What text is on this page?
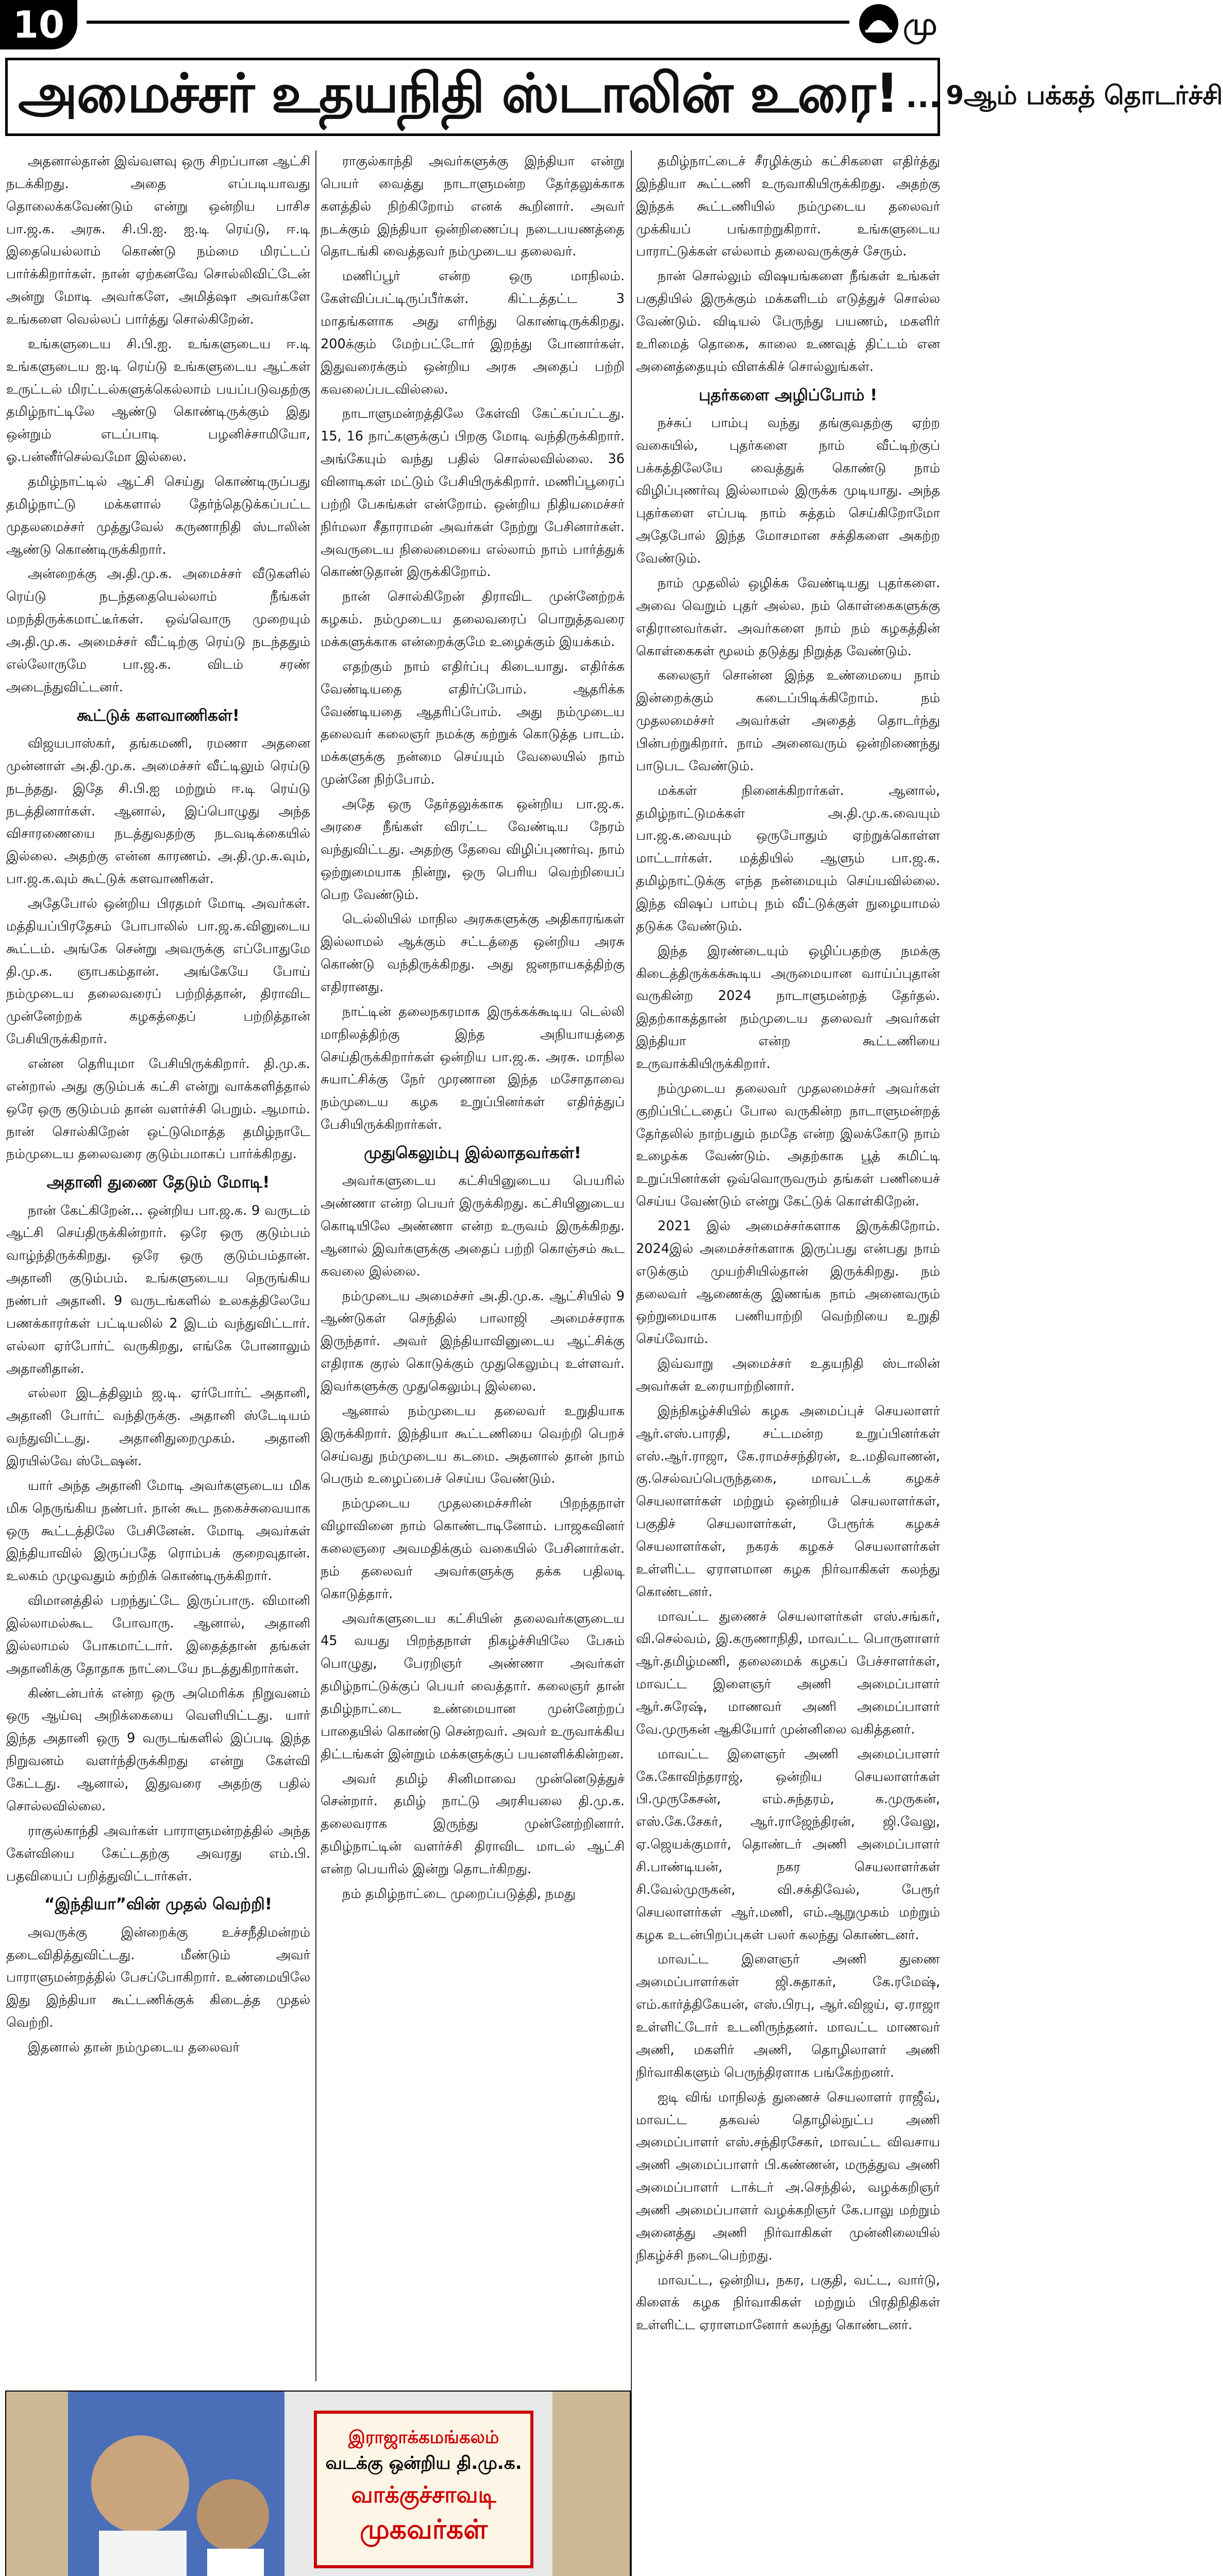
10	மு
அமைச்சர் உதயநிதி ஸ்டாலின் உரை! ... 9ஆம் பக்கத் தொடர்ச்சி

அதனால்தான் இவ்வளவு ஒரு சிறப்பான ஆட்சி நடக்கிறது. அதை எப்படியாவது தொலைக்கவேண்டும் என்று ஒன்றிய பாசிச பா.ஜ.க. அரசு. சி.பி.ஐ. ஐ.டி ரெய்டு, ஈ.டி இதையெல்லாம் கொண்டு நம்மை மிரட்டப் பார்க்கிறார்கள். நான் ஏற்கனவே சொல்லிவிட்டேன் அன்று மோடி அவர்களே, அமித்ஷா அவர்களே உங்களை வெல்லப் பார்த்து சொல்கிறேன்.

உங்களுடைய சி.பி.ஐ. உங்களுடைய ஈ.டி உங்களுடைய ஐ.டி ரெய்டு உங்களுடைய ஆட்கள் உருட்டல் மிரட்டல்களுக்கெல்லாம் பயப்படுவதற்கு தமிழ்நாட்டிலே ஆண்டு கொண்டிருக்கும் இது ஒன்றும் எடப்பாடி பழனிச்சாமியோ, ஓ.பன்னீர்செல்வமோ இல்லை.

தமிழ்நாட்டில் ஆட்சி செய்து கொண்டிருப்பது தமிழ்நாட்டு மக்களால் தேர்ந்தெடுக்கப்பட்ட முதலமைச்சர் முத்துவேல் கருணாநிதி ஸ்டாலின் ஆண்டு கொண்டிருக்கிறார்.

அன்றைக்கு அ.தி.மு.க. அமைச்சர் வீடுகளில் ரெய்டு நடந்ததையெல்லாம் நீங்கள் மறந்திருக்கமாட்டீர்கள். ஒவ்வொரு முறையும் அ.தி.மு.க. அமைச்சர் வீட்டிற்கு ரெய்டு நடந்ததும் எல்லோருமே பா.ஜ.க. விடம் சரண் அடைந்துவிட்டனர்.

கூட்டுக் களவாணிகள்!

விஜயபாஸ்கர், தங்கமணி, ரமணா அதனை முன்னாள் அ.தி.மு.க. அமைச்சர் வீட்டிலும் ரெய்டு நடந்தது. இதே சி.பி.ஐ மற்றும் ஈ.டி ரெய்டு நடத்தினார்கள். ஆனால், இப்பொழுது அந்த விசாரணையை நடத்துவதற்கு நடவடிக்கையில் இல்லை. அதற்கு என்ன காரணம். அ.தி.மு.க.வும், பா.ஜ.க.வும் கூட்டுக் களவாணிகள்.

அதேபோல் ஒன்றிய பிரதமர் மோடி அவர்கள். மத்தியப்பிரதேசம் போபாலில் பா.ஜ.க.வினுடைய கூட்டம். அங்கே சென்று அவருக்கு எப்போதுமே தி.மு.க. ஞாபகம்தான். அங்கேயே போய் நம்முடைய தலைவரைப் பற்றித்தான், திராவிட முன்னேற்றக் கழகத்தைப் பற்றித்தான் பேசியிருக்கிறார்.

என்ன தெரியுமா பேசியிருக்கிறார். தி.மு.க. என்றால் அது குடும்பக் கட்சி என்று வாக்களித்தால் ஒரே ஒரு குடும்பம் தான் வளர்ச்சி பெறும். ஆமாம். நான் சொல்கிறேன் ஒட்டுமொத்த தமிழ்நாடே நம்முடைய தலைவரை குடும்பமாகப் பார்க்கிறது.

அதானி துணை தேடும் மோடி!

நான் கேட்கிறேன்... ஒன்றிய பா.ஜ.க. 9 வருடம் ஆட்சி செய்திருக்கின்றார். ஒரே ஒரு குடும்பம் வாழ்ந்திருக்கிறது. ஒரே ஒரு குடும்பம்தான். அதானி குடும்பம். உங்களுடைய நெருங்கிய நண்பர் அதானி. 9 வருடங்களில் உலகத்திலேயே பணக்காரர்கள் பட்டியலில் 2 இடம் வந்துவிட்டார். எல்லா ஏர்போர்ட் வருகிறது, எங்கே போனாலும் அதானிதான்.

எல்லா இடத்திலும் ஜ.டி. ஏர்போர்ட் அதானி, அதானி போர்ட் வந்திருக்கு. அதானி ஸ்டேடியம் வந்துவிட்டது. அதானிதுறைமுகம். அதானி இரயில்வே ஸ்டேஷன்.

யார் அந்த அதானி மோடி அவர்களுடைய மிக மிக நெருங்கிய நண்பர். நான் கூட நகைச்சுவையாக ஒரு கூட்டத்திலே பேசினேன். மோடி அவர்கள் இந்தியாவில் இருப்பதே ரொம்பக் குறைவுதான். உலகம் முழுவதும் சுற்றிக் கொண்டிருக்கிறார்.

விமானத்தில் பறந்துட்டே இருப்பாரு. விமானி இல்லாமல்கூட போவாரு. ஆனால், அதானி இல்லாமல் போகமாட்டார். இதைத்தான் தங்கள் அதானிக்கு தோதாக நாட்டையே நடத்துகிறார்கள்.

கிண்டன்பர்க் என்ற ஒரு அமெரிக்க நிறுவனம் ஒரு ஆய்வு அறிக்கையை வெளியிட்டது. யார் இந்த அதானி ஒரு 9 வருடங்களில் இப்படி இந்த நிறுவனம் வளர்ந்திருக்கிறது என்று கேள்வி கேட்டது. ஆனால், இதுவரை அதற்கு பதில் சொல்லவில்லை.

ராகுல்காந்தி அவர்கள் பாராளுமன்றத்தில் அந்த கேள்வியை கேட்டதற்கு அவரது எம்.பி. பதவியைப் பறித்துவிட்டார்கள்.

“இந்தியா”வின் முதல் வெற்றி!

அவருக்கு இன்றைக்கு உச்சநீதிமன்றம் தடைவிதித்துவிட்டது. மீண்டும் அவர் பாராளுமன்றத்தில் பேசப்போகிறார். உண்மையிலே இது இந்தியா கூட்டணிக்குக் கிடைத்த முதல் வெற்றி.

இதனால் தான் நம்முடைய தலைவர்

ராகுல்காந்தி அவர்களுக்கு இந்தியா என்று பெயர் வைத்து நாடாளுமன்ற தேர்தலுக்காக களத்தில் நிற்கிறோம் எனக் கூறினார். அவர் நடக்கும் இந்தியா ஒன்றிணைப்பு நடைபயணத்தை தொடங்கி வைத்தவர் நம்முடைய தலைவர்.

மணிப்பூர் என்ற ஒரு மாநிலம். கேள்விப்பட்டிருப்பீர்கள். கிட்டத்தட்ட 3 மாதங்களாக அது எரிந்து கொண்டிருக்கிறது. 200க்கும் மேற்பட்டோர் இறந்து போனார்கள். இதுவரைக்கும் ஒன்றிய அரசு அதைப் பற்றி கவலைப்படவில்லை.

நாடாளுமன்றத்திலே கேள்வி கேட்கப்பட்டது. 15, 16 நாட்களுக்குப் பிறகு மோடி வந்திருக்கிறார். அங்கேயும் வந்து பதில் சொல்லவில்லை. 36 வினாடிகள் மட்டும் பேசியிருக்கிறார். மணிப்பூரைப் பற்றி பேசுங்கள் என்றோம். ஒன்றிய நிதியமைச்சர் நிர்மலா சீதாராமன் அவர்கள் நேற்று பேசினார்கள். அவருடைய நிலைமையை எல்லாம் நாம் பார்த்துக் கொண்டுதான் இருக்கிறோம்.

நான் சொல்கிறேன் திராவிட முன்னேற்றக் கழகம். நம்முடைய தலைவரைப் பொறுத்தவரை மக்களுக்காக என்றைக்குமே உழைக்கும் இயக்கம்.

எதற்கும் நாம் எதிர்ப்பு கிடையாது. எதிர்க்க வேண்டியதை எதிர்ப்போம். ஆதரிக்க வேண்டியதை ஆதரிப்போம். அது நம்முடைய தலைவர் கலைஞர் நமக்கு கற்றுக் கொடுத்த பாடம். மக்களுக்கு நன்மை செய்யும் வேலையில் நாம் முன்னே நிற்போம்.

அதே ஒரு தேர்தலுக்காக ஒன்றிய பா.ஜ.க. அரசை நீங்கள் விரட்ட வேண்டிய நேரம் வந்துவிட்டது. அதற்கு தேவை விழிப்புணர்வு. நாம் ஒற்றுமையாக நின்று, ஒரு பெரிய வெற்றியைப் பெற வேண்டும்.

டெல்லியில் மாநில அரசுகளுக்கு அதிகாரங்கள் இல்லாமல் ஆக்கும் சட்டத்தை ஒன்றிய அரசு கொண்டு வந்திருக்கிறது. அது ஜனநாயகத்திற்கு எதிரானது.

நாட்டின் தலைநகரமாக இருக்கக்கூடிய டெல்லி மாநிலத்திற்கு இந்த அநியாயத்தை செய்திருக்கிறார்கள் ஒன்றிய பா.ஜ.க. அரசு. மாநில சுயாட்சிக்கு நேர் முரணான இந்த மசோதாவை நம்முடைய கழக உறுப்பினர்கள் எதிர்த்துப் பேசியிருக்கிறார்கள்.

முதுகெலும்பு இல்லாதவர்கள்!

அவர்களுடைய கட்சியினுடைய பெயரில் அண்ணா என்ற பெயர் இருக்கிறது. கட்சியினுடைய கொடியிலே அண்ணா என்ற உருவம் இருக்கிறது. ஆனால் இவர்களுக்கு அதைப் பற்றி கொஞ்சம் கூட கவலை இல்லை.

நம்முடைய அமைச்சர் அ.தி.மு.க. ஆட்சியில் 9 ஆண்டுகள் செந்தில் பாலாஜி அமைச்சராக இருந்தார். அவர் இந்தியாவினுடைய ஆட்சிக்கு எதிராக குரல் கொடுக்கும் முதுகெலும்பு உள்ளவர். இவர்களுக்கு முதுகெலும்பு இல்லை.

ஆனால் நம்முடைய தலைவர் உறுதியாக இருக்கிறார். இந்தியா கூட்டணியை வெற்றி பெறச் செய்வது நம்முடைய கடமை. அதனால் தான் நாம் பெரும் உழைப்பைச் செய்ய வேண்டும்.

நம்முடைய முதலமைச்சரின் பிறந்தநாள் விழாவினை நாம் கொண்டாடினோம். பாஜகவினர் கலைஞரை அவமதிக்கும் வகையில் பேசினார்கள். நம் தலைவர் அவர்களுக்கு தக்க பதிலடி கொடுத்தார்.

அவர்களுடைய கட்சியின் தலைவர்களுடைய 45 வயது பிறந்தநாள் நிகழ்ச்சியிலே பேசும் பொழுது, பேரறிஞர் அண்ணா அவர்கள் தமிழ்நாட்டுக்குப் பெயர் வைத்தார். கலைஞர் தான் தமிழ்நாட்டை உண்மையான முன்னேற்றப் பாதையில் கொண்டு சென்றவர். அவர் உருவாக்கிய திட்டங்கள் இன்றும் மக்களுக்குப் பயனளிக்கின்றன.

அவர் தமிழ் சினிமாவை முன்னெடுத்துச் சென்றார். தமிழ் நாட்டு அரசியலை தி.மு.க. தலைவராக இருந்து முன்னேற்றினார். தமிழ்நாட்டின் வளர்ச்சி திராவிட மாடல் ஆட்சி என்ற பெயரில் இன்று தொடர்கிறது.

நம் தமிழ்நாட்டை முறைப்படுத்தி, நமது

தமிழ்நாட்டைச் சீரழிக்கும் கட்சிகளை எதிர்த்து இந்தியா கூட்டணி உருவாகியிருக்கிறது. அதற்கு இந்தக் கூட்டணியில் நம்முடைய தலைவர் முக்கியப் பங்காற்றுகிறார். உங்களுடைய பாராட்டுக்கள் எல்லாம் தலைவருக்குச் சேரும்.

நான் சொல்லும் விஷயங்களை நீங்கள் உங்கள் பகுதியில் இருக்கும் மக்களிடம் எடுத்துச் சொல்ல வேண்டும். விடியல் பேருந்து பயணம், மகளிர் உரிமைத் தொகை, காலை உணவுத் திட்டம் என அனைத்தையும் விளக்கிச் சொல்லுங்கள்.

புதர்களை அழிப்போம் !

நச்சுப் பாம்பு வந்து தங்குவதற்கு ஏற்ற வகையில், புதர்களை நாம் வீட்டிற்குப் பக்கத்திலேயே வைத்துக் கொண்டு நாம் விழிப்புணர்வு இல்லாமல் இருக்க முடியாது. அந்த புதர்களை எப்படி நாம் சுத்தம் செய்கிறோமோ அதேபோல் இந்த மோசமான சக்திகளை அகற்ற வேண்டும்.

நாம் முதலில் ஒழிக்க வேண்டியது புதர்களை. அவை வெறும் புதர் அல்ல. நம் கொள்கைகளுக்கு எதிரானவர்கள். அவர்களை நாம் நம் கழகத்தின் கொள்கைகள் மூலம் தடுத்து நிறுத்த வேண்டும்.

கலைஞர் சொன்ன இந்த உண்மையை நாம் இன்றைக்கும் கடைப்பிடிக்கிறோம். நம் முதலமைச்சர் அவர்கள் அதைத் தொடர்ந்து பின்பற்றுகிறார். நாம் அனைவரும் ஒன்றிணைந்து பாடுபட வேண்டும்.

மக்கள் நினைக்கிறார்கள். ஆனால், தமிழ்நாட்டுமக்கள் அ.தி.மு.க.வையும் பா.ஜ.க.வையும் ஒருபோதும் ஏற்றுக்கொள்ள மாட்டார்கள். மத்தியில் ஆளும் பா.ஜ.க. தமிழ்நாட்டுக்கு எந்த நன்மையும் செய்யவில்லை. இந்த விஷப் பாம்பு நம் வீட்டுக்குள் நுழையாமல் தடுக்க வேண்டும்.

இந்த இரண்டையும் ஒழிப்பதற்கு நமக்கு கிடைத்திருக்கக்கூடிய அருமையான வாய்ப்புதான் வருகின்ற 2024 நாடாளுமன்றத் தேர்தல். இதற்காகத்தான் நம்முடைய தலைவர் அவர்கள் இந்தியா என்ற கூட்டணியை உருவாக்கியிருக்கிறார்.

நம்முடைய தலைவர் முதலமைச்சர் அவர்கள் குறிப்பிட்டதைப் போல வருகின்ற நாடாளுமன்றத் தேர்தலில் நாற்பதும் நமதே என்ற இலக்கோடு நாம் உழைக்க வேண்டும். அதற்காக பூத் கமிட்டி உறுப்பினர்கள் ஒவ்வொருவரும் தங்கள் பணியைச் செய்ய வேண்டும் என்று கேட்டுக் கொள்கிறேன்.

2021 இல் அமைச்சர்களாக இருக்கிறோம். 2024இல் அமைச்சர்களாக இருப்பது என்பது நாம் எடுக்கும் முயற்சியில்தான் இருக்கிறது. நம் தலைவர் ஆணைக்கு இணங்க நாம் அனைவரும் ஒற்றுமையாக பணியாற்றி வெற்றியை உறுதி செய்வோம்.

இவ்வாறு அமைச்சர் உதயநிதி ஸ்டாலின் அவர்கள் உரையாற்றினார்.

இந்நிகழ்ச்சியில் கழக அமைப்புச் செயலாளர் ஆர்.எஸ்.பாரதி, சட்டமன்ற உறுப்பினர்கள் எஸ்.ஆர்.ராஜா, கே.ராமச்சந்திரன், உ.மதிவாணன், கு.செல்வப்பெருந்தகை, மாவட்டக் கழகச் செயலாளர்கள் மற்றும் ஒன்றியச் செயலாளர்கள், பகுதிச் செயலாளர்கள், பேரூர்க் கழகச் செயலாளர்கள், நகரக் கழகச் செயலாளர்கள் உள்ளிட்ட ஏராளமான கழக நிர்வாகிகள் கலந்து கொண்டனர்.

மாவட்ட துணைச் செயலாளர்கள் எஸ்.சங்கர், வி.செல்வம், இ.கருணாநிதி, மாவட்ட பொருளாளர் ஆர்.தமிழ்மணி, தலைமைக் கழகப் பேச்சாளர்கள், மாவட்ட இளைஞர் அணி அமைப்பாளர் ஆர்.சுரேஷ், மாணவர் அணி அமைப்பாளர் வே.முருகன் ஆகியோர் முன்னிலை வகித்தனர்.

மாவட்ட இளைஞர் அணி அமைப்பாளர் கே.கோவிந்தராஜ், ஒன்றிய செயலாளர்கள் பி.முருகேசன், எம்.சுந்தரம், க.முருகன், எஸ்.கே.சேகர், ஆர்.ராஜேந்திரன், ஜி.வேலு, ஏ.ஜெயக்குமார், தொண்டர் அணி அமைப்பாளர் சி.பாண்டியன், நகர செயலாளர்கள் சி.வேல்முருகன், வி.சக்திவேல், பேரூர் செயலாளர்கள் ஆர்.மணி, எம்.ஆறுமுகம் மற்றும் கழக உடன்பிறப்புகள் பலர் கலந்து கொண்டனர்.

மாவட்ட இளைஞர் அணி துணை அமைப்பாளர்கள் ஜி.சுதாகர், கே.ரமேஷ், எம்.கார்த்திகேயன், எஸ்.பிரபு, ஆர்.விஜய், ஏ.ராஜா உள்ளிட்டோர் உடனிருந்தனர். மாவட்ட மாணவர் அணி, மகளிர் அணி, தொழிலாளர் அணி நிர்வாகிகளும் பெருந்திரளாக பங்கேற்றனர்.

ஐடி விங் மாநிலத் துணைச் செயலாளர் ராஜீவ், மாவட்ட தகவல் தொழில்நுட்ப அணி அமைப்பாளர் எஸ்.சந்திரசேகர், மாவட்ட விவசாய அணி அமைப்பாளர் பி.கண்ணன், மருத்துவ அணி அமைப்பாளர் டாக்டர் அ.செந்தில், வழக்கறிஞர் அணி அமைப்பாளர் வழக்கறிஞர் கே.பாலு மற்றும் அனைத்து அணி நிர்வாகிகள் முன்னிலையில் நிகழ்ச்சி நடைபெற்றது.

மாவட்ட, ஒன்றிய, நகர, பகுதி, வட்ட, வார்டு, கிளைக் கழக நிர்வாகிகள் மற்றும் பிரதிநிதிகள் உள்ளிட்ட ஏராளமானோர் கலந்து கொண்டனர்.

இராஜாக்கமங்கலம்
வடக்கு ஒன்றிய தி.மு.க.
வாக்குச்சாவடி
முகவர்கள்
